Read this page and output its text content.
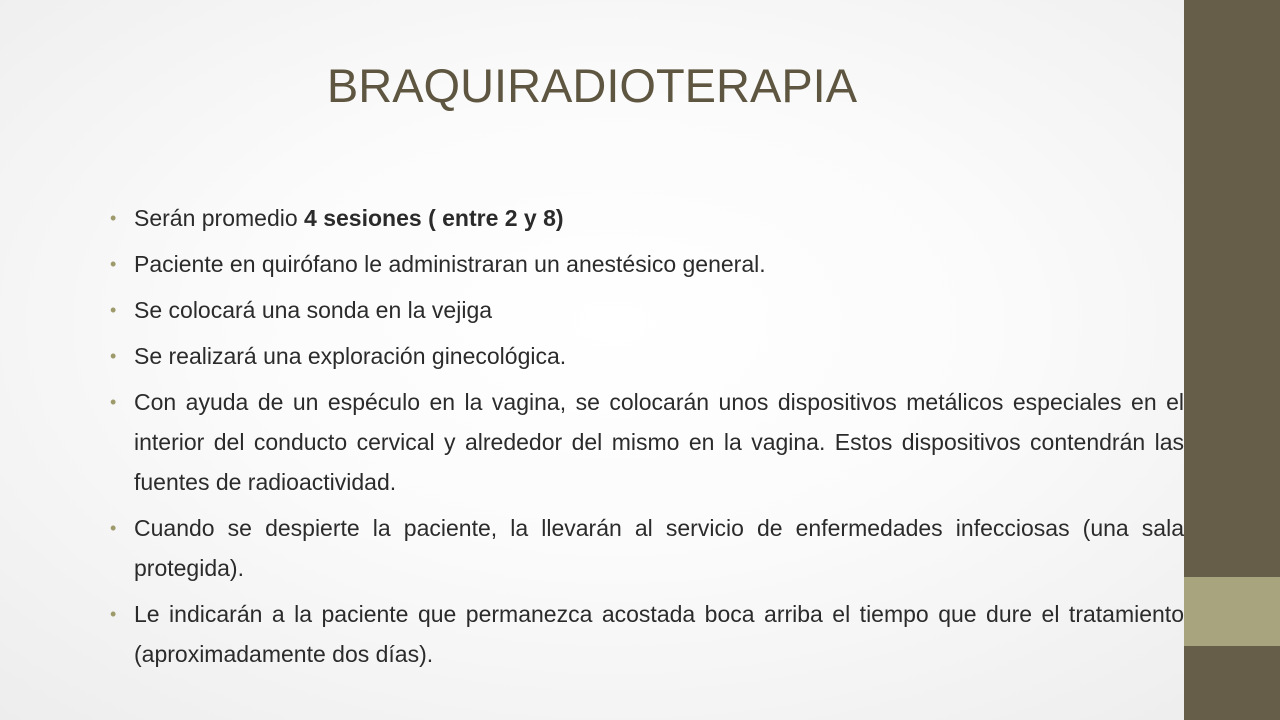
BRAQUIRADIOTERAPIA
• Serán promedio 4 sesiones ( entre 2 y 8)
• Paciente en quirófano le administraran un anestésico general.
• Se colocará una sonda en la vejiga
• Se realizará una exploración ginecológica.
• Con ayuda de un espéculo en la vagina, se colocarán unos dispositivos metálicos especiales en el interior del conducto cervical y alrededor del mismo en la vagina. Estos dispositivos contendrán las fuentes de radioactividad.
• Cuando se despierte la paciente, la llevarán al servicio de enfermedades infecciosas (una sala protegida).
• Le indicarán a la paciente que permanezca acostada boca arriba el tiempo que dure el tratamiento (aproximadamente dos días).
